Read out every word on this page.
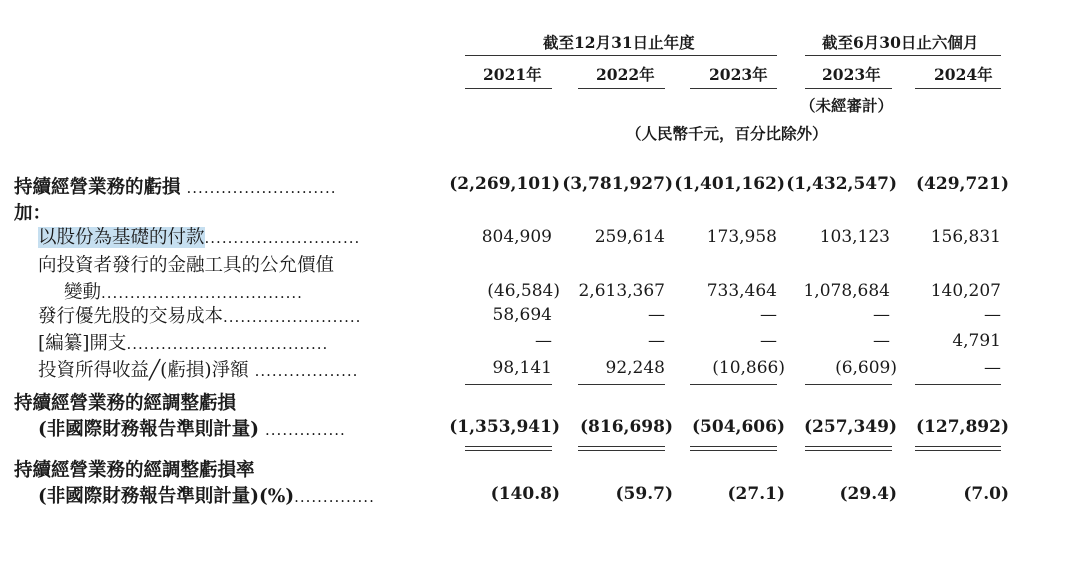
截至12月31日止年度	截至6月30日止六個月
2021年	2022年	2023年	2023年	2024年
（未經審計）
（人民幣千元，百分比除外）
持續經營業務的虧損 ..........................	(2,269,101) (3,781,927) (1,401,162) (1,432,547) (429,721)
加：
以股份為基礎的付款...........................	804,909	259,614 173,958	103,123 156,831
向投資者發行的金融工具的公允價值
變動...................................	(46,584) 2,613,367 733,464 1,078,684 140,207
發行優先股的交易成本........................	58,694	—	—	—	—
[編纂]開支...................................	—	—	—	—	4,791
投資所得收益╱(虧損)淨額 ..................	98,141	92,248	(10,866)	(6,609)	—
持續經營業務的經調整虧損
(非國際財務報告準則計量) ..............	(1,353,941) (816,698) (504,606) (257,349) (127,892)
持續經營業務的經調整虧損率
(非國際財務報告準則計量)(%)..............	(140.8)	(59.7)	(27.1)	(29.4)	(7.0)
